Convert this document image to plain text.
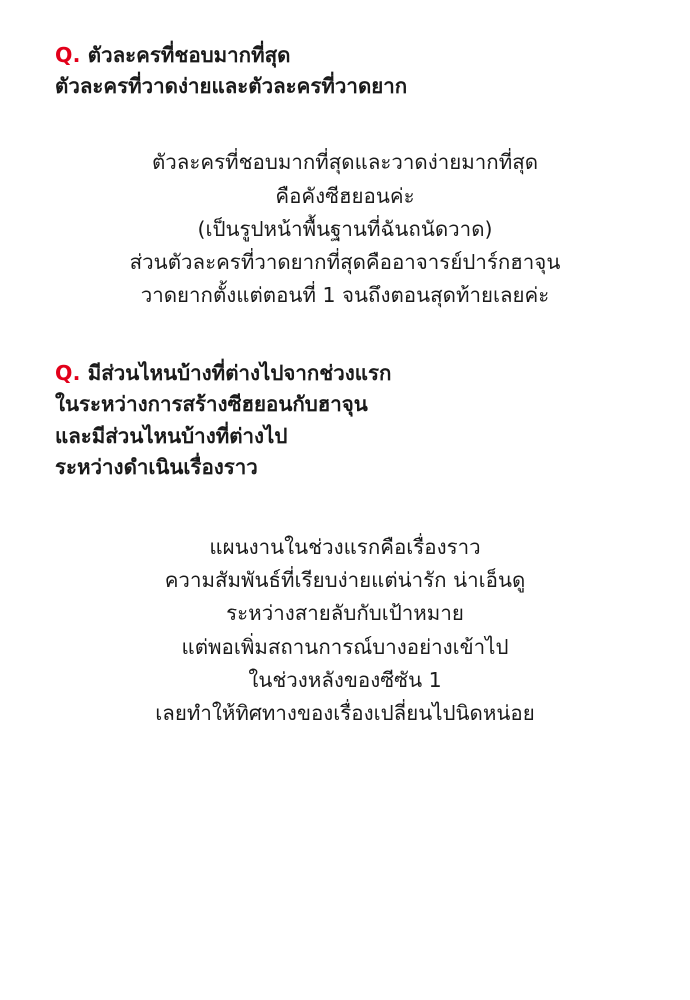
Q. ตัวละครที่ชอบมากที่สุด
ตัวละครที่วาดง่ายและตัวละครที่วาดยาก

ตัวละครที่ชอบมากที่สุดและวาดง่ายมากที่สุด
คือคังซีฮยอนค่ะ
(เป็นรูปหน้าพื้นฐานที่ฉันถนัดวาด)
ส่วนตัวละครที่วาดยากที่สุดคืออาจารย์ปาร์กฮาจุน
วาดยากตั้งแต่ตอนที่ 1 จนถึงตอนสุดท้ายเลยค่ะ

Q. มีส่วนไหนบ้างที่ต่างไปจากช่วงแรก
ในระหว่างการสร้างซีฮยอนกับฮาจุน
และมีส่วนไหนบ้างที่ต่างไป
ระหว่างดำเนินเรื่องราว

แผนงานในช่วงแรกคือเรื่องราว
ความสัมพันธ์ที่เรียบง่ายแต่น่ารัก น่าเอ็นดู
ระหว่างสายลับกับเป้าหมาย
แต่พอเพิ่มสถานการณ์บางอย่างเข้าไป
ในช่วงหลังของซีซัน 1
เลยทำให้ทิศทางของเรื่องเปลี่ยนไปนิดหน่อย
